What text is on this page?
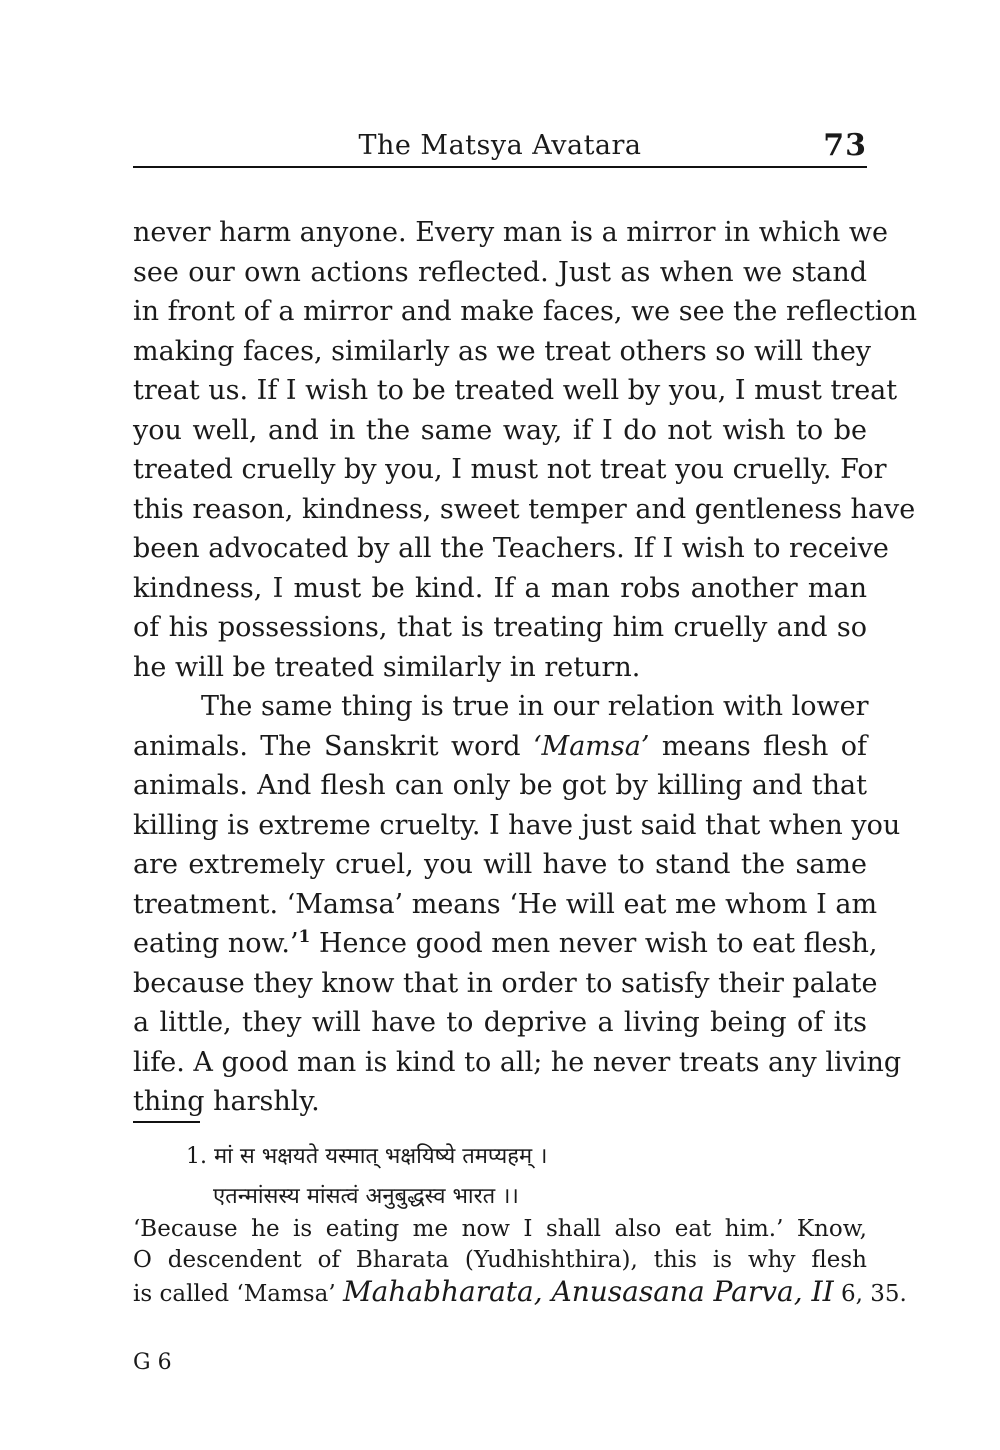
The Matsya Avatara	73
never harm anyone. Every man is a mirror in which we
see our own actions reflected. Just as when we stand
in front of a mirror and make faces, we see the reflection
making faces, similarly as we treat others so will they
treat us. If I wish to be treated well by you, I must treat
you well, and in the same way, if I do not wish to be
treated cruelly by you, I must not treat you cruelly. For
this reason, kindness, sweet temper and gentleness have
been advocated by all the Teachers. If I wish to receive
kindness, I must be kind. If a man robs another man
of his possessions, that is treating him cruelly and so
he will be treated similarly in return.
The same thing is true in our relation with lower
animals. The Sanskrit word ‘Mamsa’ means flesh of
animals. And flesh can only be got by killing and that
killing is extreme cruelty. I have just said that when you
are extremely cruel, you will have to stand the same
treatment. ‘Mamsa’ means ‘He will eat me whom I am
eating now.’$^1$ Hence good men never wish to eat flesh,
because they know that in order to satisfy their palate
a little, they will have to deprive a living being of its
life. A good man is kind to all; he never treats any living
thing harshly.
1. मां स भक्षयते यस्मात् भक्षयिष्ये तमप्यहम् ।
एतन्मांसस्य मांसत्वं अनुबुद्धस्व भारत ।।
‘Because he is eating me now I shall also eat him.’ Know,
O descendent of Bharata (Yudhishthira), this is why flesh
is called ‘Mamsa’ Mahabharata, Anusasana Parva, II 6, 35.
G 6
